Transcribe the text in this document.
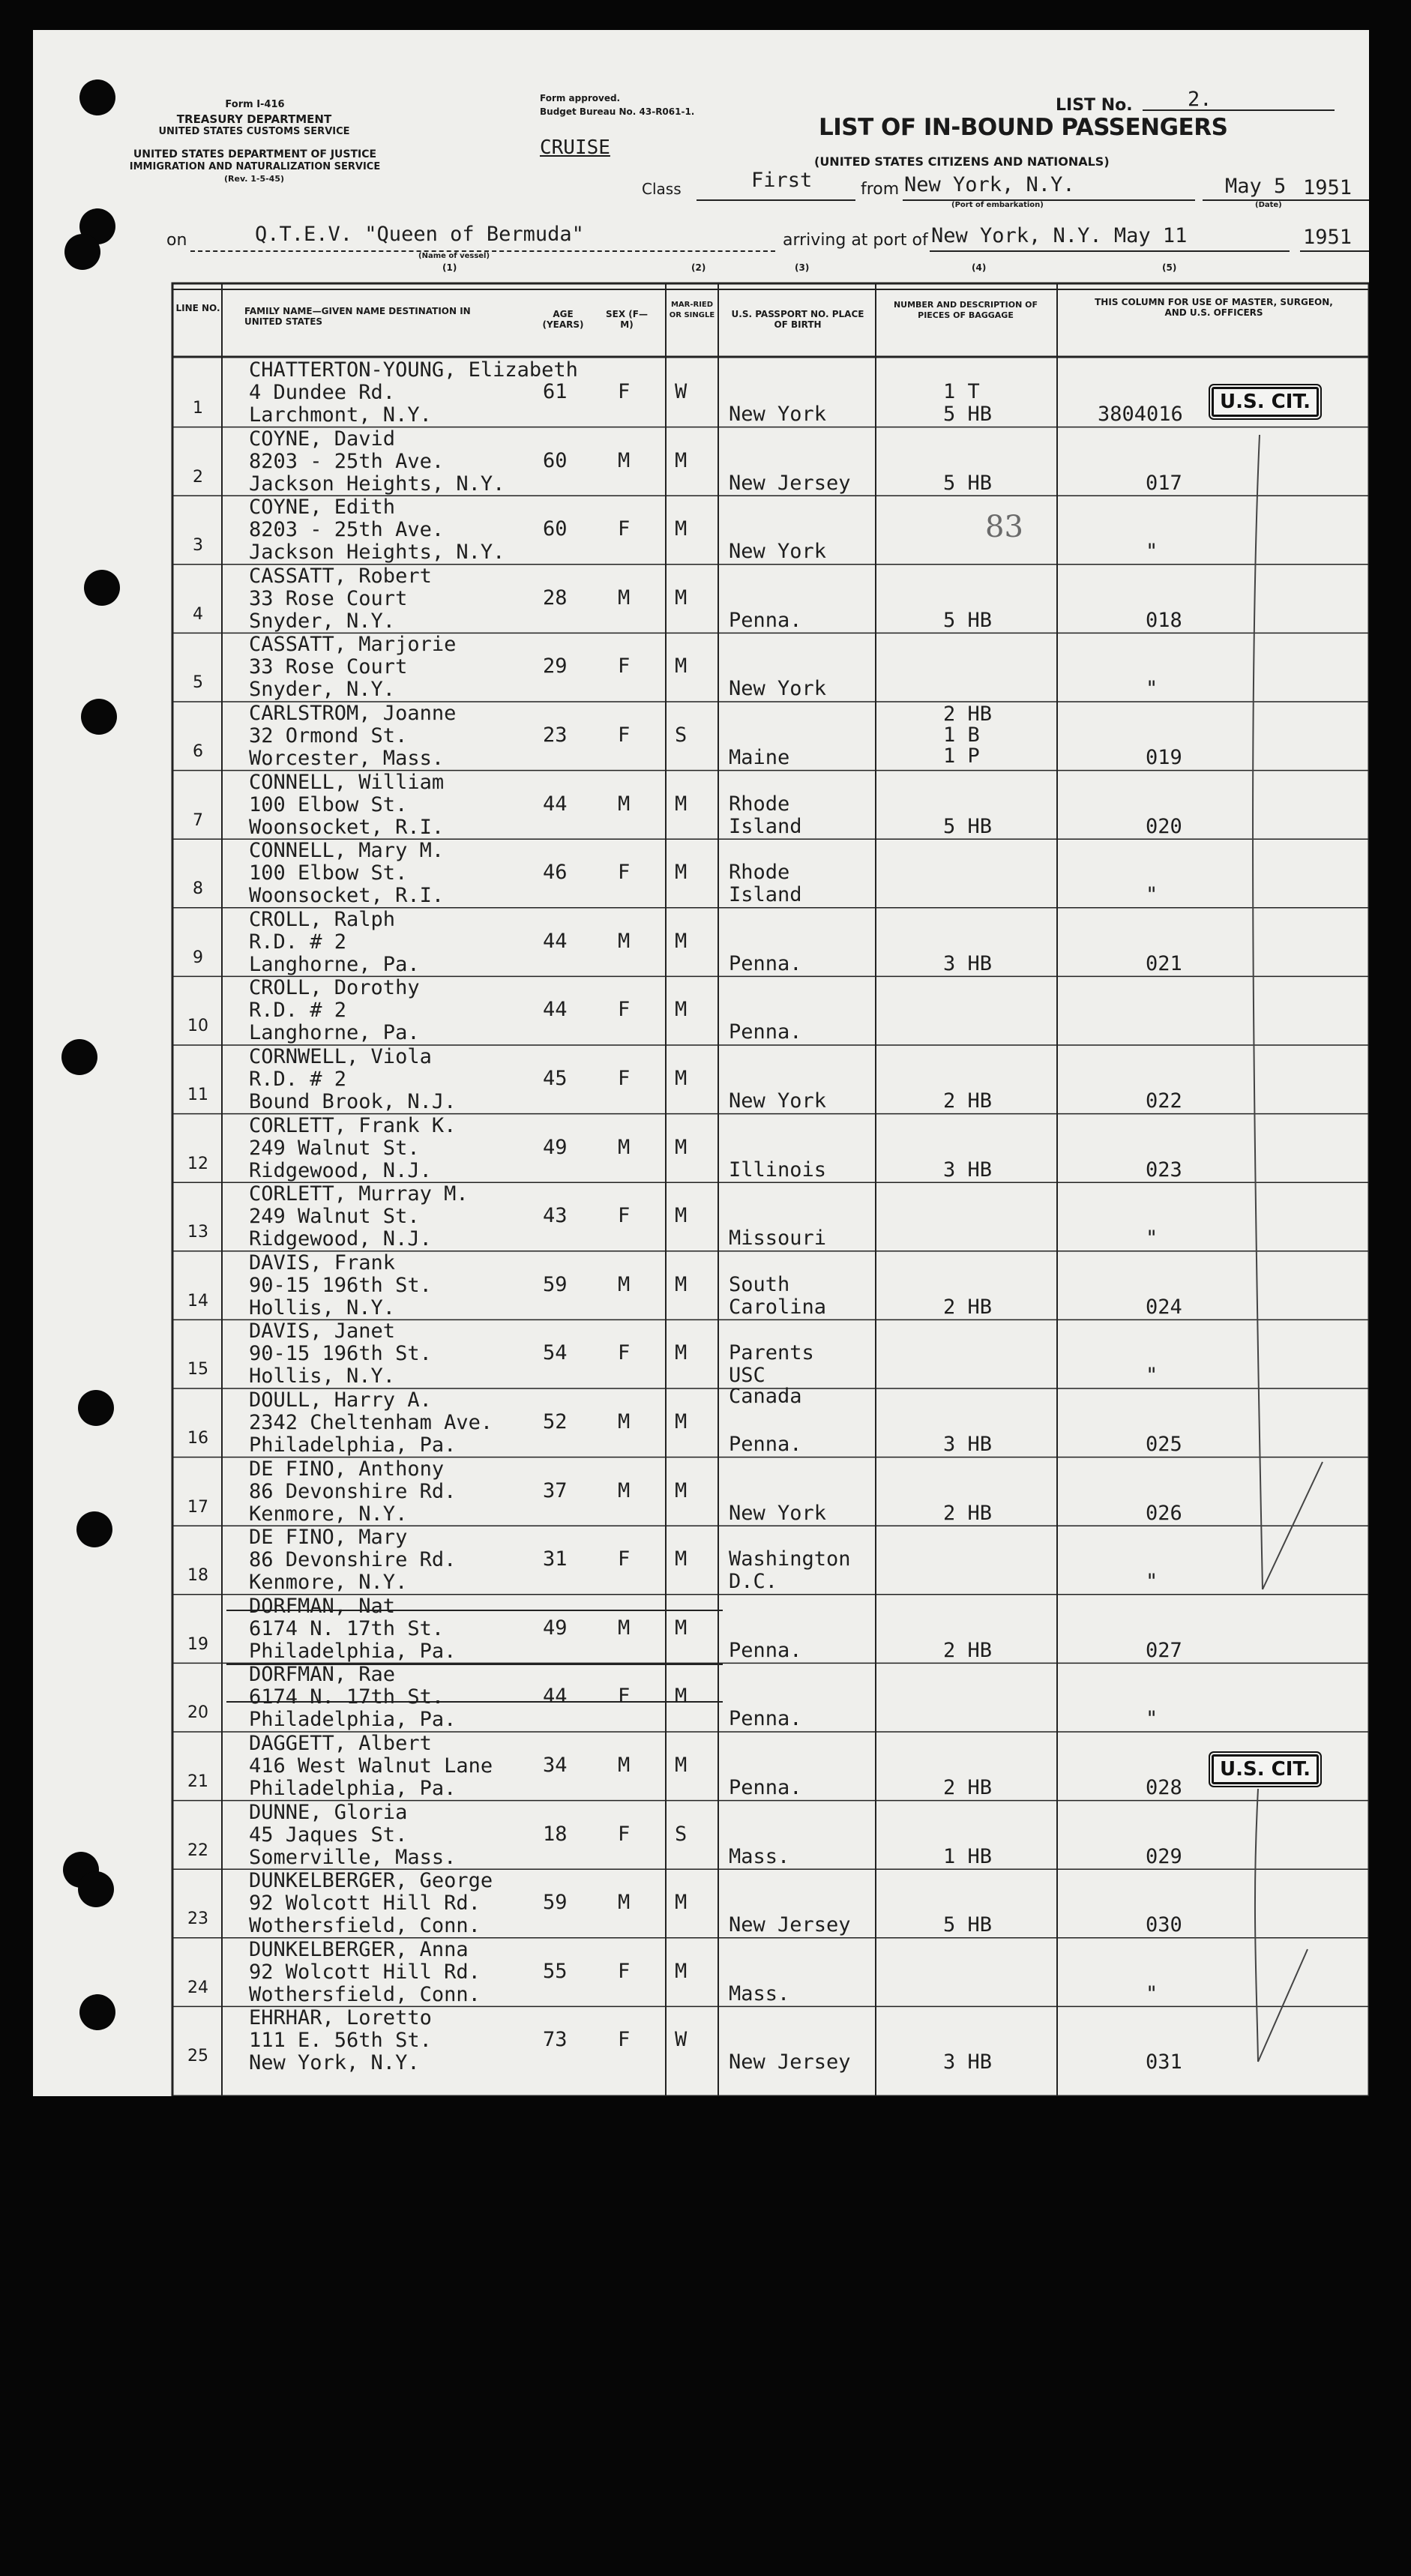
Form I-416
TREASURY DEPARTMENT
UNITED STATES CUSTOMS SERVICE
UNITED STATES DEPARTMENT OF JUSTICE
IMMIGRATION AND NATURALIZATION SERVICE
(Rev. 1-5-45)
Form approved.
Budget Bureau No. 43-R061-1.
CRUISE
LIST No.	2.
LIST OF IN-BOUND PASSENGERS
(UNITED STATES CITIZENS AND NATIONALS)
Class	First	from New York, N.Y.
(Port of embarkation)
May 5
(Date)
1951
on	Q.T.E.V. "Queen of Bermuda"
(Name of vessel)
(1)
arriving at port of New York, N.Y. May 11	1951
(2)	(3)	(4)	(5)
LINE NO.	FAMILY NAME—GIVEN NAME DESTINATION IN UNITED STATES
AGE (YEARS)
SEX (F—M)
MAR-RIED OR SINGLE U.S. PASSPORT NO. PLACE OF BIRTH
NUMBER AND DESCRIPTION OF PIECES OF BAGGAGE
THIS COLUMN FOR USE OF MASTER, SURGEON, AND U.S. OFFICERS
1
CHATTERTON-YOUNG, Elizabeth
4 Dundee Rd.
Larchmont, N.Y.
61 F W
New York
1 T
5 HB	3804016
2
COYNE, David
8203 - 25th Ave.
Jackson Heights, N.Y.
60 M M
New Jersey	5 HB	017
3
COYNE, Edith
8203 - 25th Ave.
Jackson Heights, N.Y.
60 F M
New York	"
4
CASSATT, Robert
33 Rose Court
Snyder, N.Y.
28 M M
Penna.	5 HB	018
5
CASSATT, Marjorie
33 Rose Court
Snyder, N.Y.
29 F M
New York	"
6
CARLSTROM, Joanne
32 Ormond St.
Worcester, Mass.
23 F S
Maine
2 HB
1 B
1 P	019
7
CONNELL, William
100 Elbow St.
Woonsocket, R.I.
44 M M Rhode
Island	5 HB	020
8
CONNELL, Mary M.
100 Elbow St.
Woonsocket, R.I.
46 F M Rhode
Island	"
9
CROLL, Ralph
R.D. # 2
Langhorne, Pa.
44 M M
Penna.	3 HB	021
10
CROLL, Dorothy
R.D. # 2
Langhorne, Pa.
44 F M
Penna.
11
CORNWELL, Viola
R.D. # 2
Bound Brook, N.J.
45 F M
New York	2 HB	022
12
CORLETT, Frank K.
249 Walnut St.
Ridgewood, N.J.
49 M M
Illinois	3 HB	023
13
CORLETT, Murray M.
249 Walnut St.
Ridgewood, N.J.
43 F M
Missouri	"
14
DAVIS, Frank
90-15 196th St.
Hollis, N.Y.
59 M M South
Carolina	2 HB	024
15
DAVIS, Janet
90-15 196th St.
Hollis, N.Y.
54 F M Parents
USC
Canada
"
16
DOULL, Harry A.
2342 Cheltenham Ave.
Philadelphia, Pa.
52 M M
Penna.	3 HB	025
17
DE FINO, Anthony
86 Devonshire Rd.
Kenmore, N.Y.
37 M M
New York	2 HB	026
18
DE FINO, Mary
86 Devonshire Rd.
Kenmore, N.Y.
31 F M Washington
D.C.	"
19
DORFMAN, Nat
6174 N. 17th St.
Philadelphia, Pa.
49 M M
Penna.	2 HB	027
20
DORFMAN, Rae
6174 N. 17th St.
Philadelphia, Pa.
44 F M
Penna.	"
21
DAGGETT, Albert
416 West Walnut Lane
Philadelphia, Pa.
34 M M
Penna.	2 HB	028
22
DUNNE, Gloria
45 Jaques St.
Somerville, Mass.
18 F S
Mass.	1 HB	029
23
DUNKELBERGER, George
92 Wolcott Hill Rd.
Wothersfield, Conn.
59 M M
New Jersey	5 HB	030
24
DUNKELBERGER, Anna
92 Wolcott Hill Rd.
Wothersfield, Conn.
55 F M
Mass.	"
25
EHRHAR, Loretto
111 E. 56th St.
New York, N.Y.
73 F W
New Jersey	3 HB	031
U.S. CIT.
U.S. CIT.
83
